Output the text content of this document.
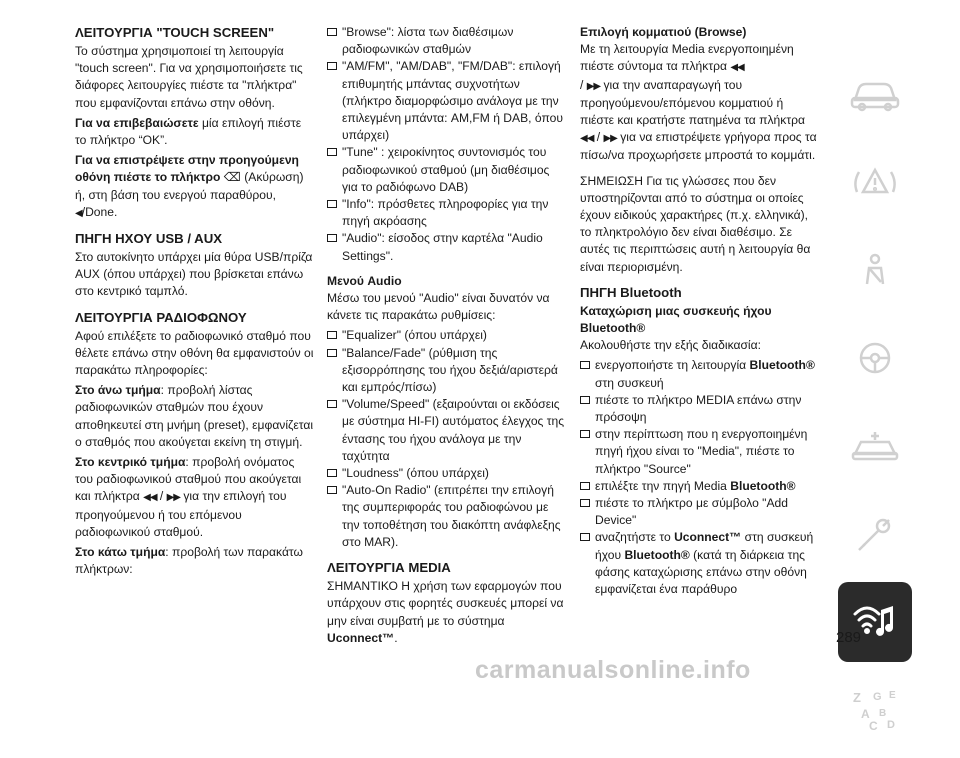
ΛΕΙΤΟΥΡΓΙΑ "TOUCH SCREEN"
Το σύστημα χρησιμοποιεί τη λειτουργία "touch screen". Για να χρησιμοποιήσετε τις διάφορες λειτουργίες πιέστε τα "πλήκτρα" που εμφανίζονται επάνω στην οθόνη.
Για να επιβεβαιώσετε μία επιλογή πιέστε το πλήκτρο “ΟΚ”.
Για να επιστρέψετε στην προηγούμενη οθόνη πιέστε το πλήκτρο ⌫ (Ακύρωση) ή, στη βάση του ενεργού παραθύρου, ◀/Done.
ΠΗΓΗ ΗΧΟΥ USB / AUX
Στο αυτοκίνητο υπάρχει μία θύρα USB/πρίζα AUX (όπου υπάρχει) που βρίσκεται επάνω στο κεντρικό ταμπλό.
ΛΕΙΤΟΥΡΓΙΑ ΡΑΔΙΟΦΩΝΟΥ
Αφού επιλέξετε το ραδιοφωνικό σταθμό που θέλετε επάνω στην οθόνη θα εμφανιστούν οι παρακάτω πληροφορίες:
Στο άνω τμήμα: προβολή λίστας ραδιοφωνικών σταθμών που έχουν αποθηκευτεί στη μνήμη (preset), εμφανίζεται ο σταθμός που ακούγεται εκείνη τη στιγμή.
Στο κεντρικό τμήμα: προβολή ονόματος του ραδιοφωνικού σταθμού που ακούγεται και πλήκτρα ◀◀ / ▶▶ για την επιλογή του προηγούμενου ή του επόμενου ραδιοφωνικού σταθμού.
Στο κάτω τμήμα: προβολή των παρακάτω πλήκτρων:
"Browse": λίστα των διαθέσιμων ραδιοφωνικών σταθμών
"AM/FM", "AM/DAB", "FM/DAB": επιλογή επιθυμητής μπάντας συχνοτήτων (πλήκτρο διαμορφώσιμο ανάλογα με την επιλεγμένη μπάντα: AM,FM ή DAB, όπου υπάρχει)
"Tune" : χειροκίνητος συντονισμός του ραδιοφωνικού σταθμού (μη διαθέσιμος για το ραδιόφωνο DAB)
"Info": πρόσθετες πληροφορίες για την πηγή ακρόασης
"Audio": είσοδος στην καρτέλα "Audio Settings".
Μενού Audio
Μέσω του μενού "Audio" είναι δυνατόν να κάνετε τις παρακάτω ρυθμίσεις:
"Equalizer" (όπου υπάρχει)
"Balance/Fade" (ρύθμιση της εξισορρόπησης του ήχου δεξιά/αριστερά και εμπρός/πίσω)
"Volume/Speed" (εξαιρούνται οι εκδόσεις με σύστημα HI-FI) αυτόματος έλεγχος της έντασης του ήχου ανάλογα με την ταχύτητα
"Loudness" (όπου υπάρχει)
"Auto-On Radio" (επιτρέπει την επιλογή της συμπεριφοράς του ραδιοφώνου με την τοποθέτηση του διακόπτη ανάφλεξης στο MAR).
ΛΕΙΤΟΥΡΓΙΑ MEDIA
ΣΗΜΑΝΤΙΚΟ Η χρήση των εφαρμογών που υπάρχουν στις φορητές συσκευές μπορεί να μην είναι συμβατή με το σύστημα Uconnect™.
Επιλογή κομματιού (Browse)
Με τη λειτουργία Media ενεργοποιημένη πιέστε σύντομα τα πλήκτρα ◀◀
/ ▶▶ για την αναπαραγωγή του προηγούμενου/επόμενου κομματιού ή πιέστε και κρατήστε πατημένα τα πλήκτρα ◀◀ / ▶▶ για να επιστρέψετε γρήγορα προς τα πίσω/να προχωρήσετε μπροστά το κομμάτι.
ΣΗΜΕΙΩΣΗ Για τις γλώσσες που δεν υποστηρίζονται από το σύστημα οι οποίες έχουν ειδικούς χαρακτήρες (π.χ. ελληνικά), το πληκτρολόγιο δεν είναι διαθέσιμο. Σε αυτές τις περιπτώσεις αυτή η λειτουργία θα είναι περιορισμένη.
ΠΗΓΗ Bluetooth
Καταχώριση μιας συσκευής ήχου Bluetooth®
Ακολουθήστε την εξής διαδικασία:
ενεργοποιήστε τη λειτουργία Bluetooth® στη συσκευή
πιέστε το πλήκτρο MEDIA επάνω στην πρόσοψη
στην περίπτωση που η ενεργοποιημένη πηγή ήχου είναι το "Media", πιέστε το πλήκτρο "Source"
επιλέξτε την πηγή Media Bluetooth®
πιέστε το πλήκτρο με σύμβολο "Add Device"
αναζητήστε το Uconnect™ στη συσκευή ήχου Bluetooth® (κατά τη διάρκεια της φάσης καταχώρισης επάνω στην οθόνη εμφανίζεται ένα παράθυρο
Z G E
A B
C D
289
carmanualsonline.info
